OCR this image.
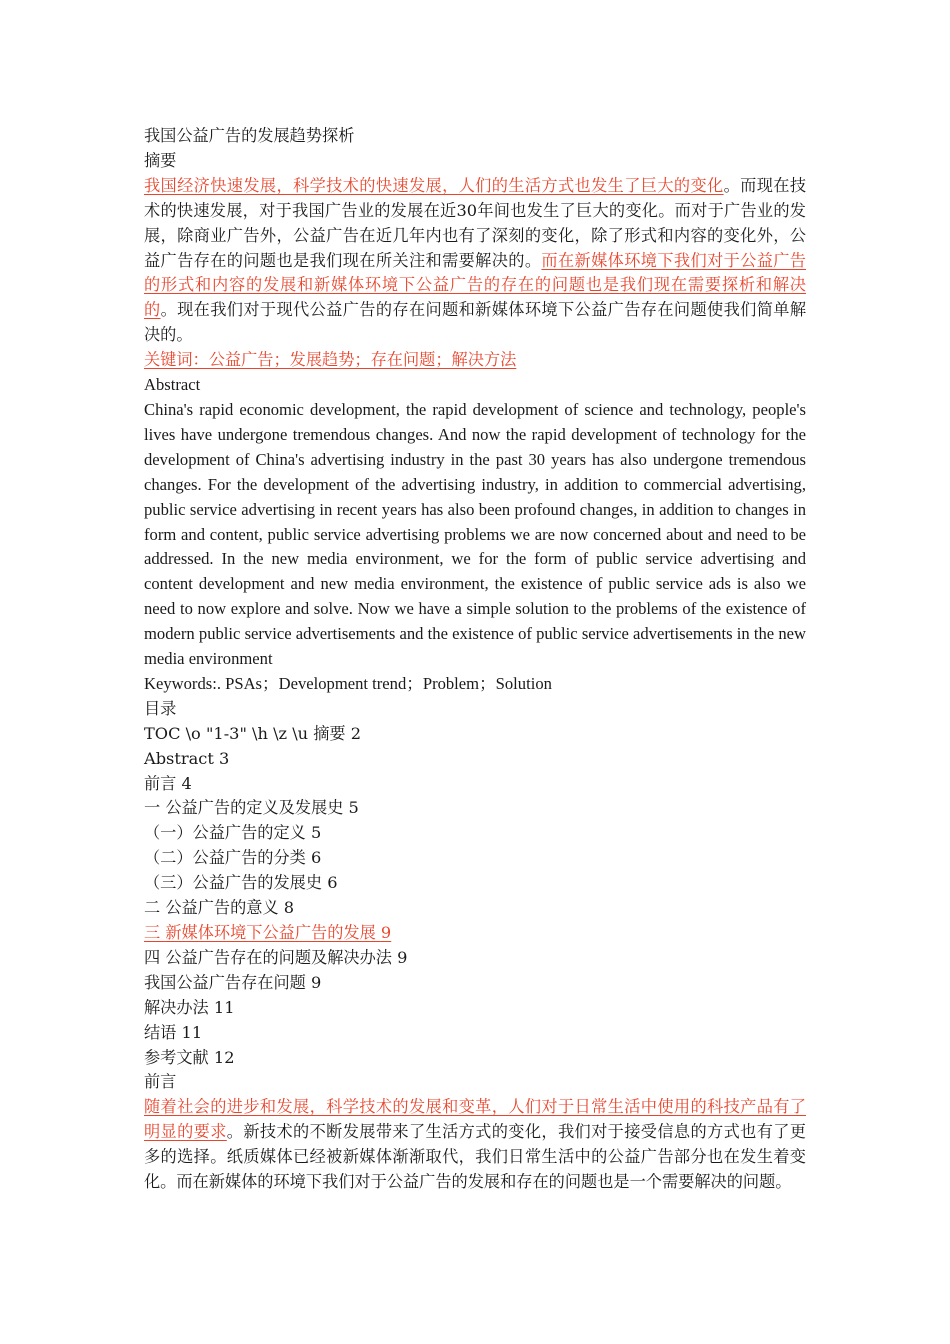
我国公益广告的发展趋势探析
摘要
我国经济快速发展，科学技术的快速发展，人们的生活方式也发生了巨大的变化。而现在技术的快速发展，对于我国广告业的发展在近30年间也发生了巨大的变化。而对于广告业的发展，除商业广告外，公益广告在近几年内也有了深刻的变化，除了形式和内容的变化外，公益广告存在的问题也是我们现在所关注和需要解决的。而在新媒体环境下我们对于公益广告的形式和内容的发展和新媒体环境下公益广告的存在的问题也是我们现在需要探析和解决的。现在我们对于现代公益广告的存在问题和新媒体环境下公益广告存在问题使我们简单解决的。
关键词：公益广告；发展趋势；存在问题；解决方法
Abstract
China's rapid economic development, the rapid development of science and technology, people's lives have undergone tremendous changes. And now the rapid development of technology for the development of China's advertising industry in the past 30 years has also undergone tremendous changes. For the development of the advertising industry, in addition to commercial advertising, public service advertising in recent years has also been profound changes, in addition to changes in form and content, public service advertising problems we are now concerned about and need to be addressed. In the new media environment, we for the form of public service advertising and content development and new media environment, the existence of public service ads is also we need to now explore and solve. Now we have a simple solution to the problems of the existence of modern public service advertisements and the existence of public service advertisements in the new media environment
Keywords:. PSAs；Development trend；Problem；Solution
目录
TOC \o "1-3" \h \z \u 摘要 2
Abstract 3
前言 4
一 公益广告的定义及发展史 5
（一）公益广告的定义 5
（二）公益广告的分类 6
（三）公益广告的发展史 6
二 公益广告的意义 8
三 新媒体环境下公益广告的发展 9
四 公益广告存在的问题及解决办法 9
我国公益广告存在问题 9
解决办法 11
结语 11
参考文献 12
前言
随着社会的进步和发展，科学技术的发展和变革，人们对于日常生活中使用的科技产品有了明显的要求。新技术的不断发展带来了生活方式的变化，我们对于接受信息的方式也有了更多的选择。纸质媒体已经被新媒体渐渐取代，我们日常生活中的公益广告部分也在发生着变化。而在新媒体的环境下我们对于公益广告的发展和存在的问题也是一个需要解决的问题。
